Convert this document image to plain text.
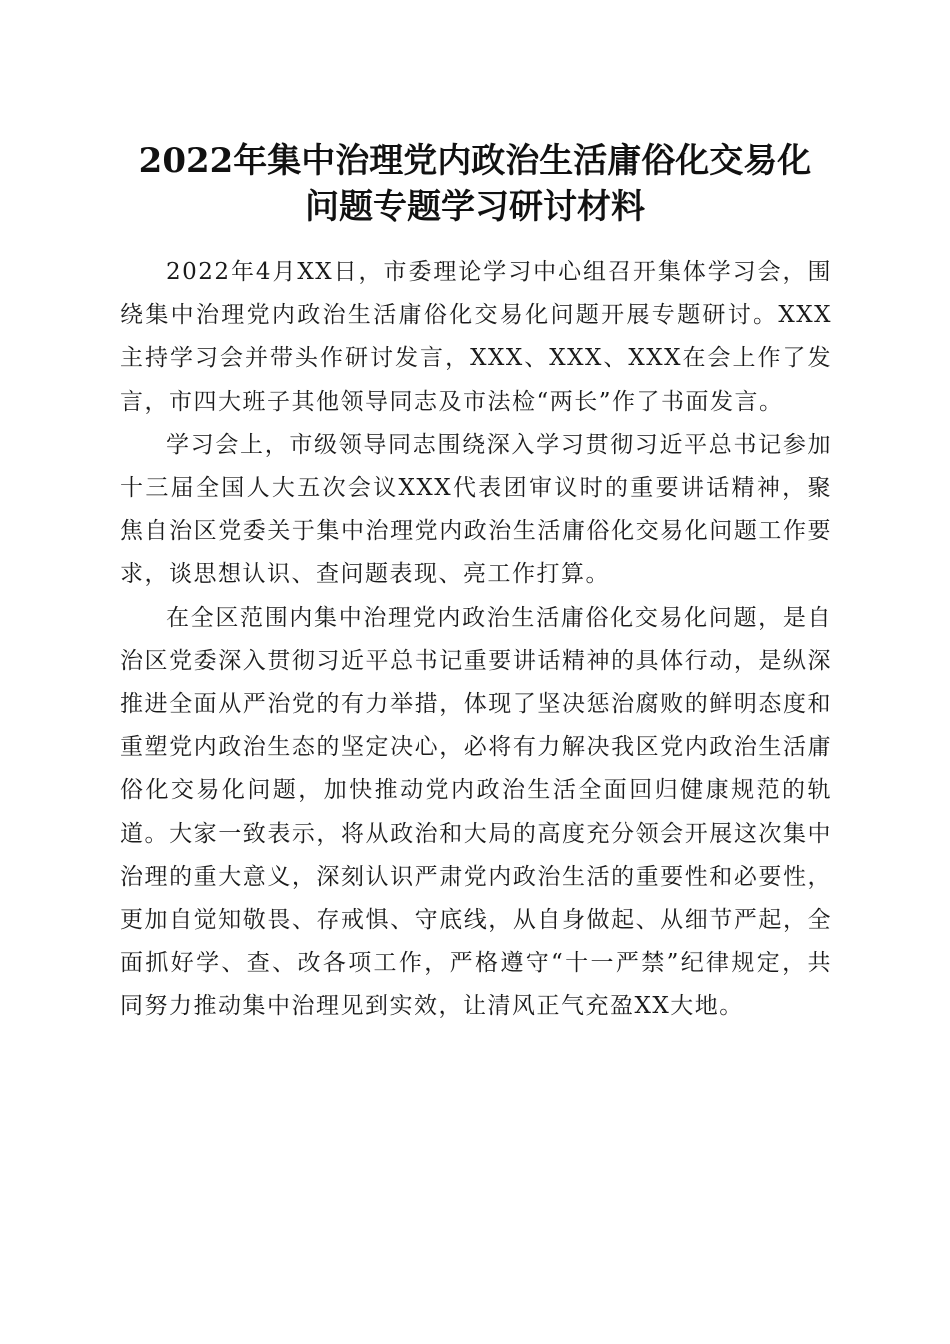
2022年集中治理党内政治生活庸俗化交易化
问题专题学习研讨材料

2022年4月XX日，市委理论学习中心组召开集体学习会，围绕集中治理党内政治生活庸俗化交易化问题开展专题研讨。XXX主持学习会并带头作研讨发言，XXX、XXX、XXX在会上作了发言，市四大班子其他领导同志及市法检“两长”作了书面发言。

学习会上，市级领导同志围绕深入学习贯彻习近平总书记参加十三届全国人大五次会议XXX代表团审议时的重要讲话精神，聚焦自治区党委关于集中治理党内政治生活庸俗化交易化问题工作要求，谈思想认识、查问题表现、亮工作打算。

在全区范围内集中治理党内政治生活庸俗化交易化问题，是自治区党委深入贯彻习近平总书记重要讲话精神的具体行动，是纵深推进全面从严治党的有力举措，体现了坚决惩治腐败的鲜明态度和重塑党内政治生态的坚定决心，必将有力解决我区党内政治生活庸俗化交易化问题，加快推动党内政治生活全面回归健康规范的轨道。大家一致表示，将从政治和大局的高度充分领会开展这次集中治理的重大意义，深刻认识严肃党内政治生活的重要性和必要性，更加自觉知敬畏、存戒惧、守底线，从自身做起、从细节严起，全面抓好学、查、改各项工作，严格遵守“十一严禁”纪律规定，共同努力推动集中治理见到实效，让清风正气充盈XX大地。
